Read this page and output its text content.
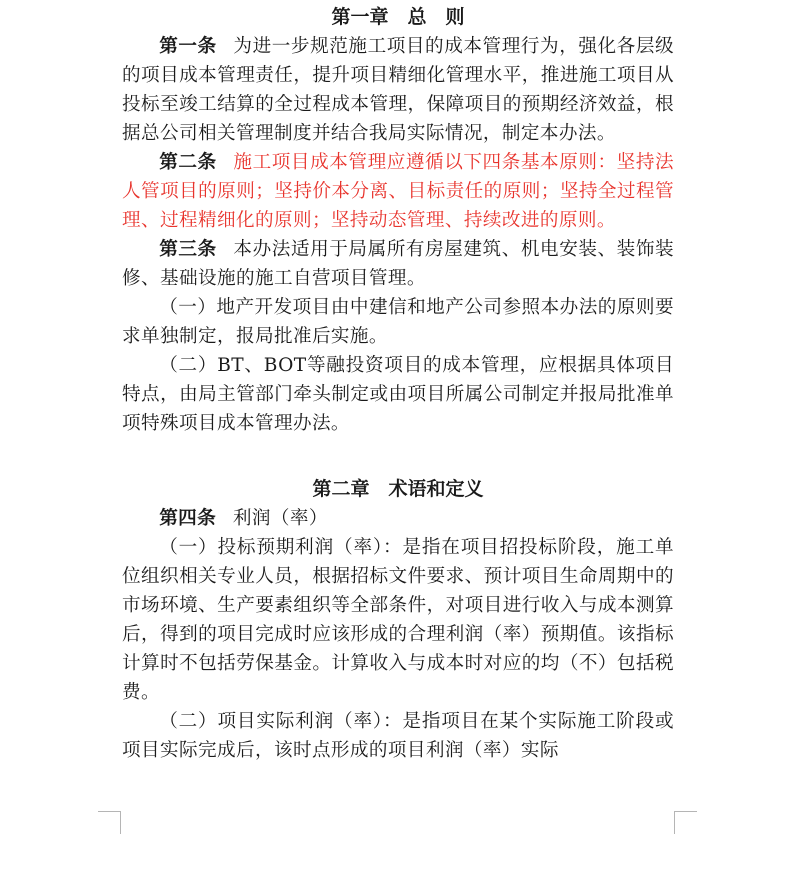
第一章　总　则

第一条 为进一步规范施工项目的成本管理行为，强化各层级的项目成本管理责任，提升项目精细化管理水平，推进施工项目从投标至竣工结算的全过程成本管理，保障项目的预期经济效益，根据总公司相关管理制度并结合我局实际情况，制定本办法。

第二条 施工项目成本管理应遵循以下四条基本原则：坚持法人管项目的原则；坚持价本分离、目标责任的原则；坚持全过程管理、过程精细化的原则；坚持动态管理、持续改进的原则。

第三条 本办法适用于局属所有房屋建筑、机电安装、装饰装修、基础设施的施工自营项目管理。

（一）地产开发项目由中建信和地产公司参照本办法的原则要求单独制定，报局批准后实施。

（二）BT、BOT等融投资项目的成本管理，应根据具体项目特点，由局主管部门牵头制定或由项目所属公司制定并报局批准单项特殊项目成本管理办法。

第二章　术语和定义

第四条 利润（率）

（一）投标预期利润（率）：是指在项目招投标阶段，施工单位组织相关专业人员，根据招标文件要求、预计项目生命周期中的市场环境、生产要素组织等全部条件，对项目进行收入与成本测算后，得到的项目完成时应该形成的合理利润（率）预期值。该指标计算时不包括劳保基金。计算收入与成本时对应的均（不）包括税费。

（二）项目实际利润（率）：是指项目在某个实际施工阶段或项目实际完成后，该时点形成的项目利润（率）实际
